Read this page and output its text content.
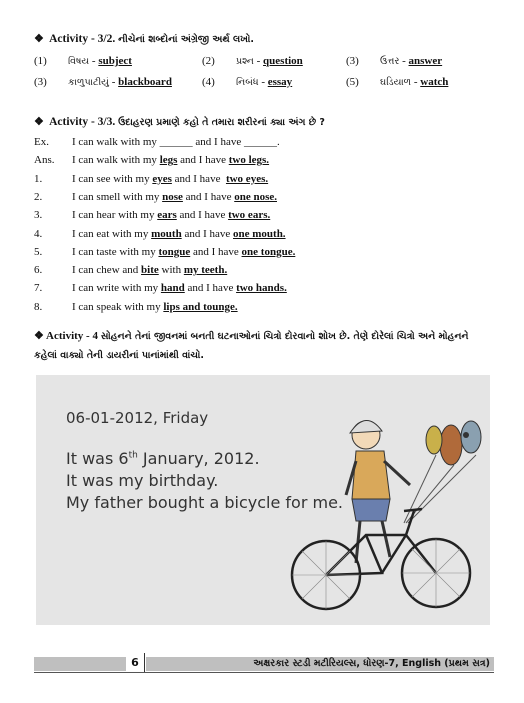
❖ Activity - 3/2. નીચેનાં શબ્દોનાં અંગ્રેજી અર્થ લખો.
(1) વિષય - subject	(2) પ્રશ્ન - question	(3) ઉત્તર - answer
(3) કાળુપાટીયું - blackboard	(4) નિબંધ - essay	(5) ઘડિયાળ - watch
❖ Activity - 3/3. ઉદાહરણ પ્રમાણે કહો તે તમારા શરીરનાં ક્યા અંગ છે ?
Ex. I can walk with my ______ and I have ______.
Ans. I can walk with my legs and I have two legs.
1.	I can see with my eyes and I have  two eyes.
2.	I can smell with my nose and I have one nose.
3.	I can hear with my ears and I have two ears.
4.	I can eat with my mouth and I have one mouth.
5.	I can taste with my tongue and I have one tongue.
6.	I can chew and bite with my teeth.
7.	I can write with my hand and I have two hands.
8.	I can speak with my lips and tounge.
❖ Activity - 4 સોહનને તેનાં જીવનમાં બનતી ઘટનાઓનાં ચિત્રો દોરવાનો શોખ છે. તેણે દોરેલાં ચિત્રો અને મોહનને કહેલાં વાક્યો તેની ડાયરીનાં પાનાંમાંથી વાંચો.
06-01-2012, Friday
It was 6th January, 2012.
It was my birthday.
My father bought a bicycle for me.
6	અક્ષરકાર સ્ટડી મટીરિયલ્સ, ધોરણ-7, English (પ્રથમ સત્ર)
